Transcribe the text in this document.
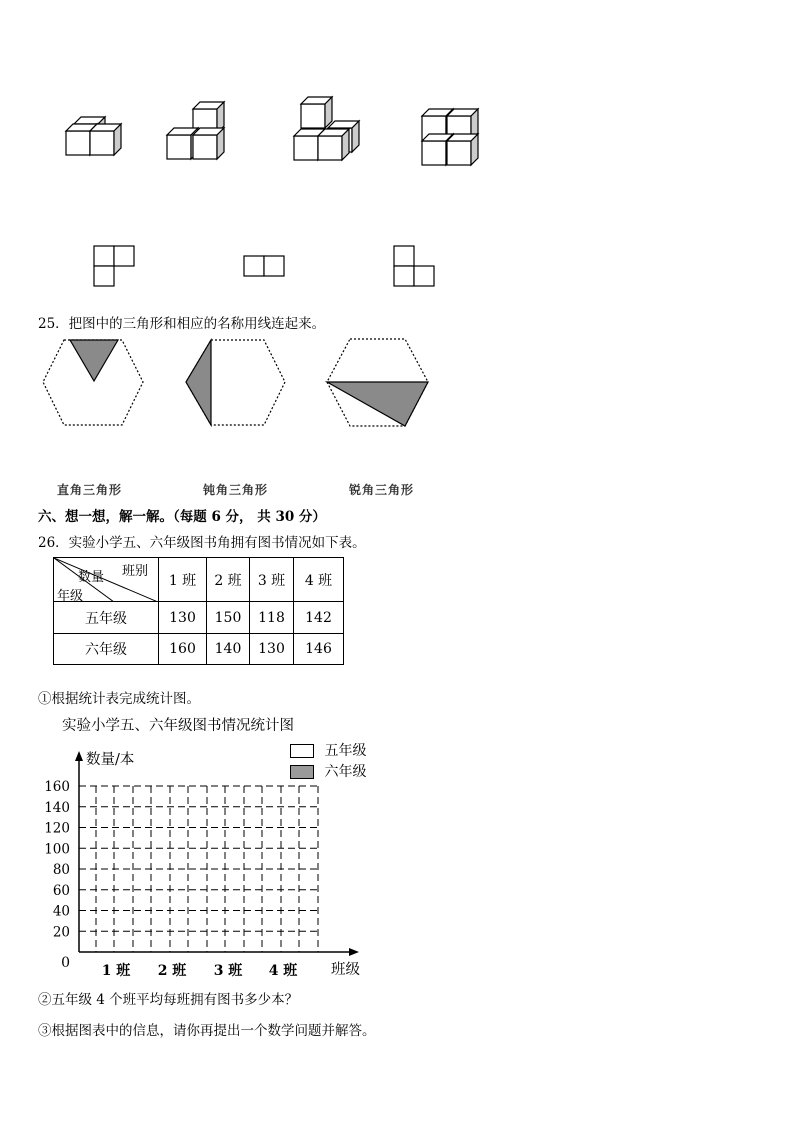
25．把图中的三角形和相应的名称用线连起来。
直角三角形	钝角三角形	锐角三角形
六、想一想，解一解。（每题 6 分， 共 30 分）
26．实验小学五、六年级图书角拥有图书情况如下表。
班别
数量
年级	1 班	2 班	3 班	4 班
五年级	130	150	118	142
六年级	160	140	130	146
①根据统计表完成统计图。
实验小学五、六年级图书情况统计图
五年级
六年级
0
20
40
60
80
100
120
140
160
数量/本
班级
1 班 2 班 3 班 4 班
②五年级 4 个班平均每班拥有图书多少本？
③根据图表中的信息，请你再提出一个数学问题并解答。
